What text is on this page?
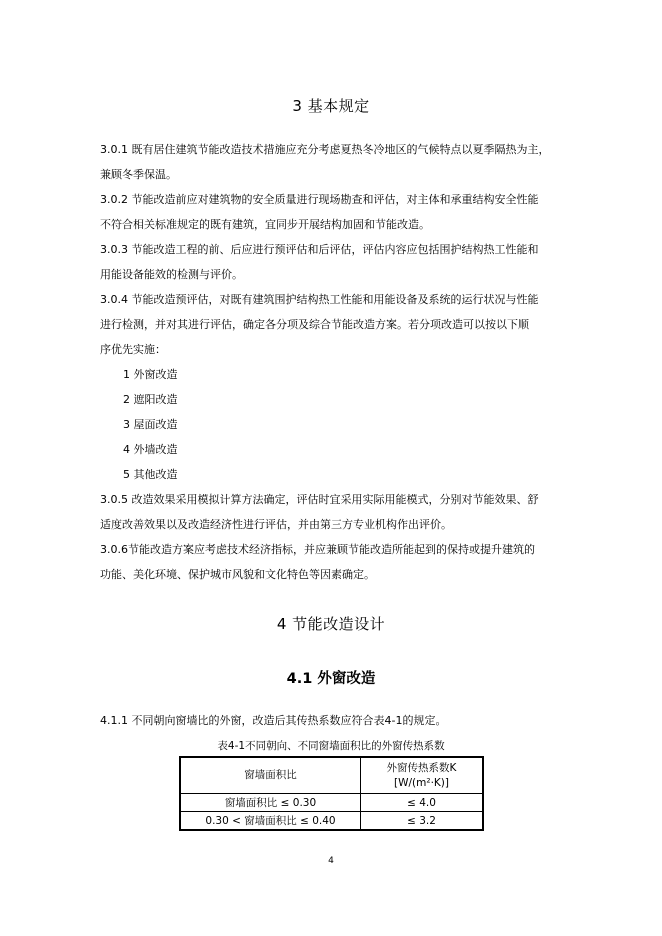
3 基本规定
3.0.1 既有居住建筑节能改造技术措施应充分考虑夏热冬冷地区的气候特点以夏季隔热为主，
兼顾冬季保温。
3.0.2 节能改造前应对建筑物的安全质量进行现场勘查和评估，对主体和承重结构安全性能
不符合相关标准规定的既有建筑，宜同步开展结构加固和节能改造。
3.0.3 节能改造工程的前、后应进行预评估和后评估，评估内容应包括围护结构热工性能和
用能设备能效的检测与评价。
3.0.4 节能改造预评估，对既有建筑围护结构热工性能和用能设备及系统的运行状况与性能
进行检测，并对其进行评估，确定各分项及综合节能改造方案。若分项改造可以按以下顺
序优先实施：
1 外窗改造
2 遮阳改造
3 屋面改造
4 外墙改造
5 其他改造
3.0.5 改造效果采用模拟计算方法确定，评估时宜采用实际用能模式，分别对节能效果、舒
适度改善效果以及改造经济性进行评估，并由第三方专业机构作出评价。
3.0.6节能改造方案应考虑技术经济指标，并应兼顾节能改造所能起到的保持或提升建筑的
功能、美化环境、保护城市风貌和文化特色等因素确定。
4 节能改造设计
4.1 外窗改造
4.1.1 不同朝向窗墙比的外窗，改造后其传热系数应符合表4-1的规定。
表4-1不同朝向、不同窗墙面积比的外窗传热系数
窗墙面积比	外窗传热系数K
[W/(m²·K)]

窗墙面积比 ≤ 0.30	≤ 4.0
0.30 < 窗墙面积比 ≤ 0.40	≤ 3.2
4
